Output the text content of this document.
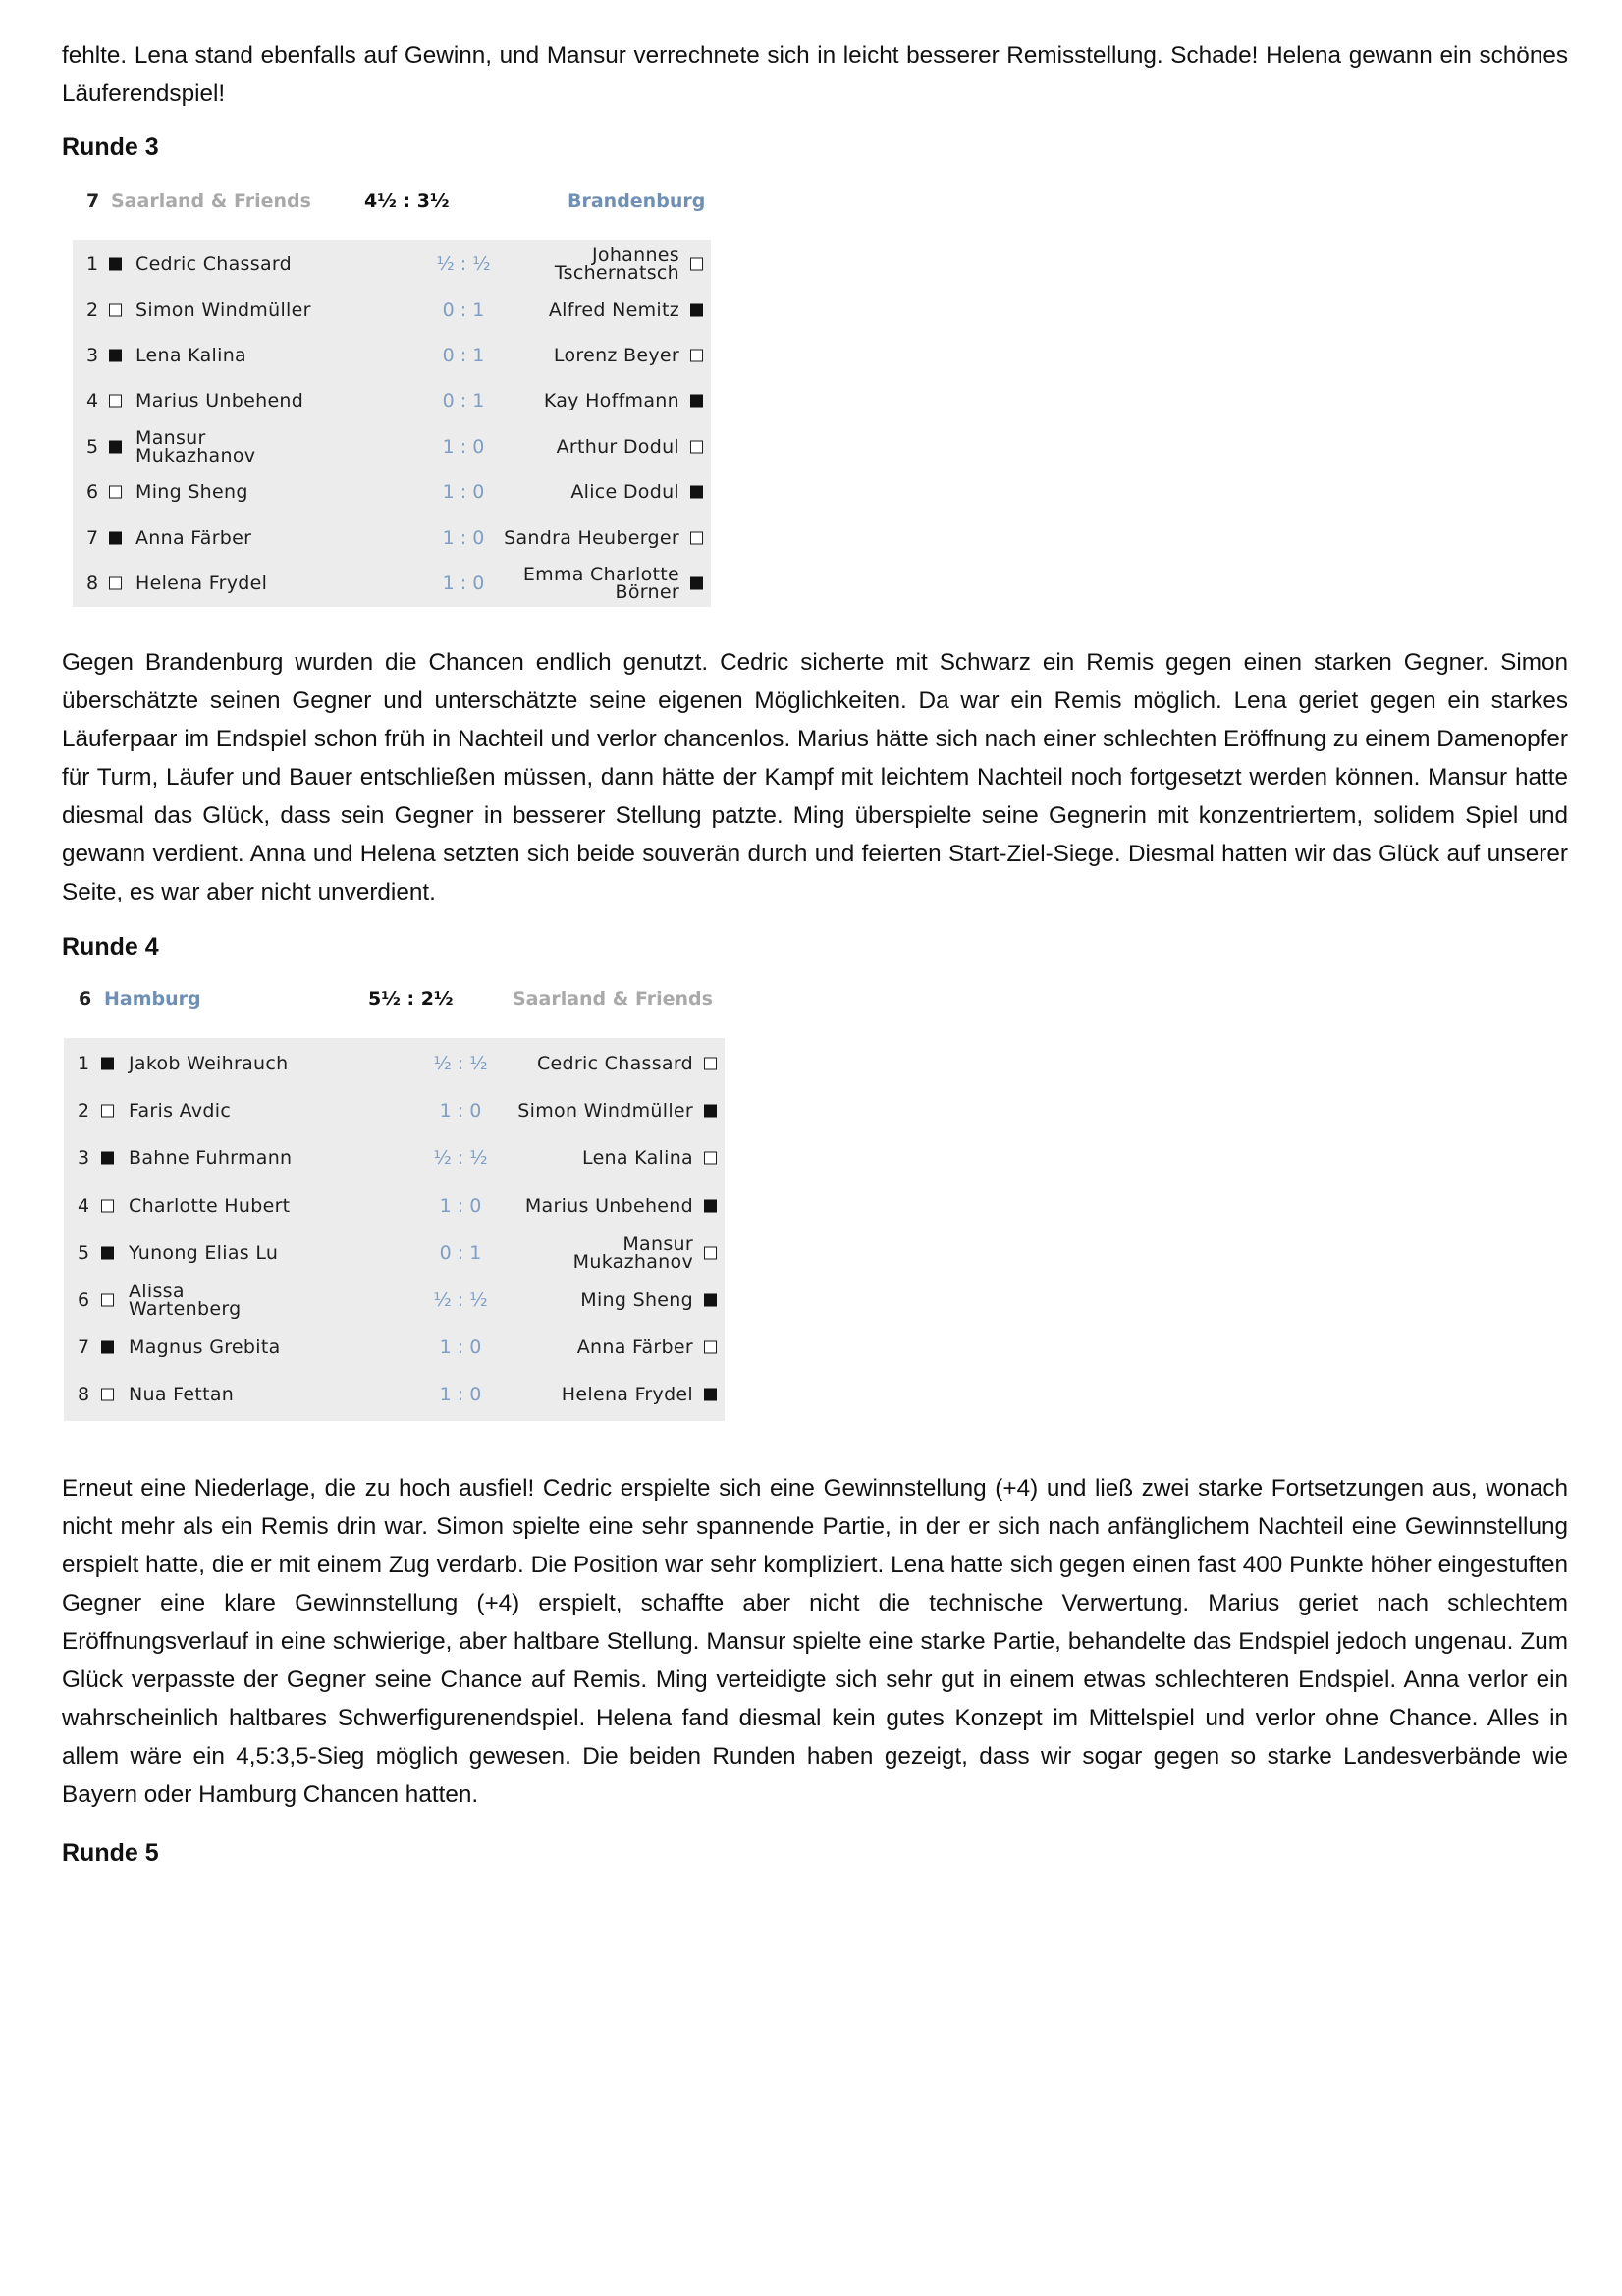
fehlte. Lena stand ebenfalls auf Gewinn, und Mansur verrechnete sich in leicht besserer Remisstellung. Schade! Helena gewann ein schönes Läuferendspiel!

Runde 3

7 Saarland & Friends	4½ : 3½	Brandenburg
1 Cedric Chassard	½ : ½	Johannes Tschernatsch
2 Simon Windmüller	0 : 1	Alfred Nemitz
3 Lena Kalina	0 : 1	Lorenz Beyer
4 Marius Unbehend	0 : 1	Kay Hoffmann
5 Mansur Mukazhanov	1 : 0	Arthur Dodul
6 Ming Sheng	1 : 0	Alice Dodul
7 Anna Färber	1 : 0	Sandra Heuberger
8 Helena Frydel	1 : 0	Emma Charlotte Börner

Gegen Brandenburg wurden die Chancen endlich genutzt. Cedric sicherte mit Schwarz ein Remis gegen einen starken Gegner. Simon überschätzte seinen Gegner und unterschätzte seine eigenen Möglichkeiten. Da war ein Remis möglich. Lena geriet gegen ein starkes Läuferpaar im Endspiel schon früh in Nachteil und verlor chancenlos. Marius hätte sich nach einer schlechten Eröffnung zu einem Damenopfer für Turm, Läufer und Bauer entschließen müssen, dann hätte der Kampf mit leichtem Nachteil noch fortgesetzt werden können. Mansur hatte diesmal das Glück, dass sein Gegner in besserer Stellung patzte. Ming überspielte seine Gegnerin mit konzentriertem, solidem Spiel und gewann verdient. Anna und Helena setzten sich beide souverän durch und feierten Start-Ziel-Siege. Diesmal hatten wir das Glück auf unserer Seite, es war aber nicht unverdient.

Runde 4

6 Hamburg	5½ : 2½	Saarland & Friends
1 Jakob Weihrauch	½ : ½	Cedric Chassard
2 Faris Avdic	1 : 0	Simon Windmüller
3 Bahne Fuhrmann	½ : ½	Lena Kalina
4 Charlotte Hubert	1 : 0	Marius Unbehend
5 Yunong Elias Lu	0 : 1	Mansur Mukazhanov
6 Alissa Wartenberg	½ : ½	Ming Sheng
7 Magnus Grebita	1 : 0	Anna Färber
8 Nua Fettan	1 : 0	Helena Frydel

Erneut eine Niederlage, die zu hoch ausfiel! Cedric erspielte sich eine Gewinnstellung (+4) und ließ zwei starke Fortsetzungen aus, wonach nicht mehr als ein Remis drin war. Simon spielte eine sehr spannende Partie, in der er sich nach anfänglichem Nachteil eine Gewinnstellung erspielt hatte, die er mit einem Zug verdarb. Die Position war sehr kompliziert. Lena hatte sich gegen einen fast 400 Punkte höher eingestuften Gegner eine klare Gewinnstellung (+4) erspielt, schaffte aber nicht die technische Verwertung. Marius geriet nach schlechtem Eröffnungsverlauf in eine schwierige, aber haltbare Stellung. Mansur spielte eine starke Partie, behandelte das Endspiel jedoch ungenau. Zum Glück verpasste der Gegner seine Chance auf Remis. Ming verteidigte sich sehr gut in einem etwas schlechteren Endspiel. Anna verlor ein wahrscheinlich haltbares Schwerfigurenendspiel. Helena fand diesmal kein gutes Konzept im Mittelspiel und verlor ohne Chance. Alles in allem wäre ein 4,5:3,5-Sieg möglich gewesen. Die beiden Runden haben gezeigt, dass wir sogar gegen so starke Landesverbände wie Bayern oder Hamburg Chancen hatten.

Runde 5
